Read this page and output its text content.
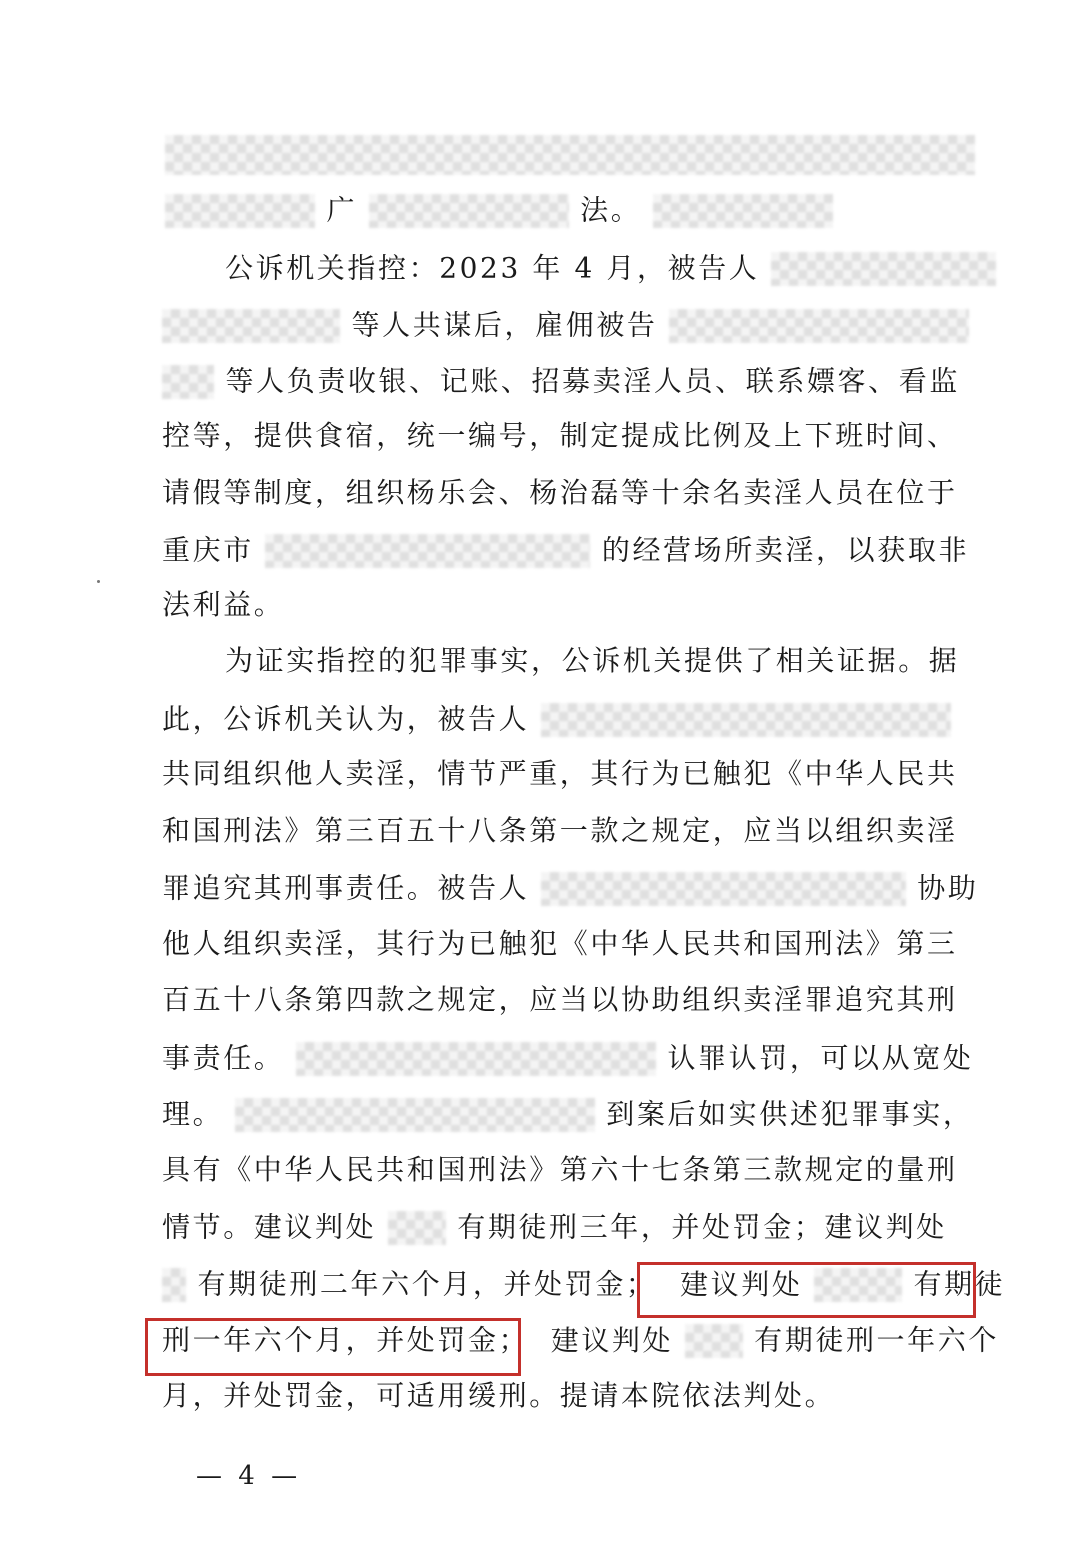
广	法。
公诉机关指控：2023 年 4 月，被告人
等人共谋后，雇佣被告
等人负责收银、记账、招募卖淫人员、联系嫖客、看监
控等，提供食宿，统一编号，制定提成比例及上下班时间、
请假等制度，组织杨乐会、杨治磊等十余名卖淫人员在位于
重庆市	的经营场所卖淫，以获取非
法利益。
为证实指控的犯罪事实，公诉机关提供了相关证据。据
此，公诉机关认为，被告人
共同组织他人卖淫，情节严重，其行为已触犯《中华人民共
和国刑法》第三百五十八条第一款之规定，应当以组织卖淫
罪追究其刑事责任。被告人	协助
他人组织卖淫，其行为已触犯《中华人民共和国刑法》第三
百五十八条第四款之规定，应当以协助组织卖淫罪追究其刑
事责任。	认罪认罚，可以从宽处
理。	到案后如实供述犯罪事实，
具有《中华人民共和国刑法》第六十七条第三款规定的量刑
情节。建议判处	有期徒刑三年，并处罚金；建议判处
有期徒刑二年六个月，并处罚金； 建议判处	有期徒
刑一年六个月，并处罚金； 建议判处	有期徒刑一年六个
月，并处罚金，可适用缓刑。提请本院依法判处。
— 4 —
